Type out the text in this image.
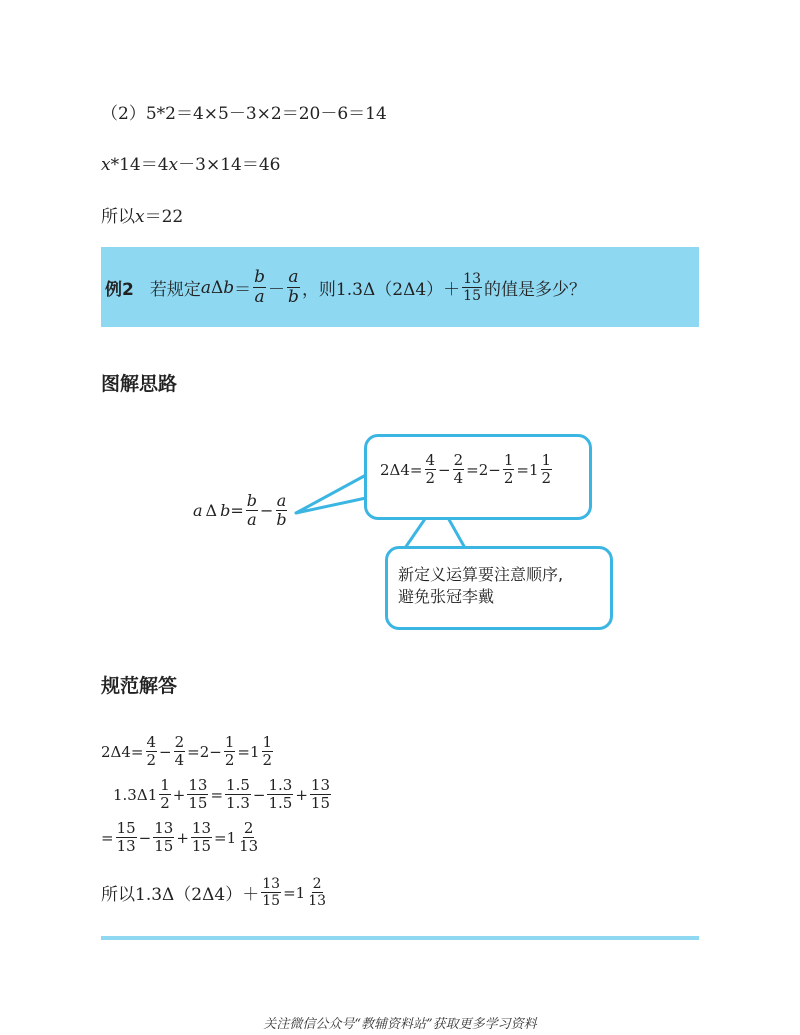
（2）5*2＝4×5－3×2＝20－6＝14
x*14＝4x－3×14＝46
所以x＝22
例2 若规定 a Δ $b = \frac{b}{a} - \frac{a}{b}$ ，则$1.3\Delta(2\Delta 4)+ \frac{13}{15}$ 的值是多少？
图解思路
a Δ $b = \frac{b}{a} - \frac{a}{b}$
$2\Delta 4= \frac{4}{2} - \frac{2}{4} =2- \frac{1}{2} =1 \frac{1}{2}$
新定义运算要注意顺序,
避免张冠李戴
规范解答
$2\Delta 4= \frac{4}{2} - \frac{2}{4} =2- \frac{1}{2} =1 \frac{1}{2}$
$1.3\Delta 1 \frac{1}{2} + \frac{13}{15} = \frac{1.5}{1.3} - \frac{1.3}{1.5} + \frac{13}{15}$
= $\frac{15}{13} - \frac{13}{15} + \frac{13}{15} =1 \frac{2}{13}$
所以$1.3\Delta(2\Delta 4)+ \frac{13}{15} =1 \frac{2}{13}$
关注微信公众号“教辅资料站”获取更多学习资料
